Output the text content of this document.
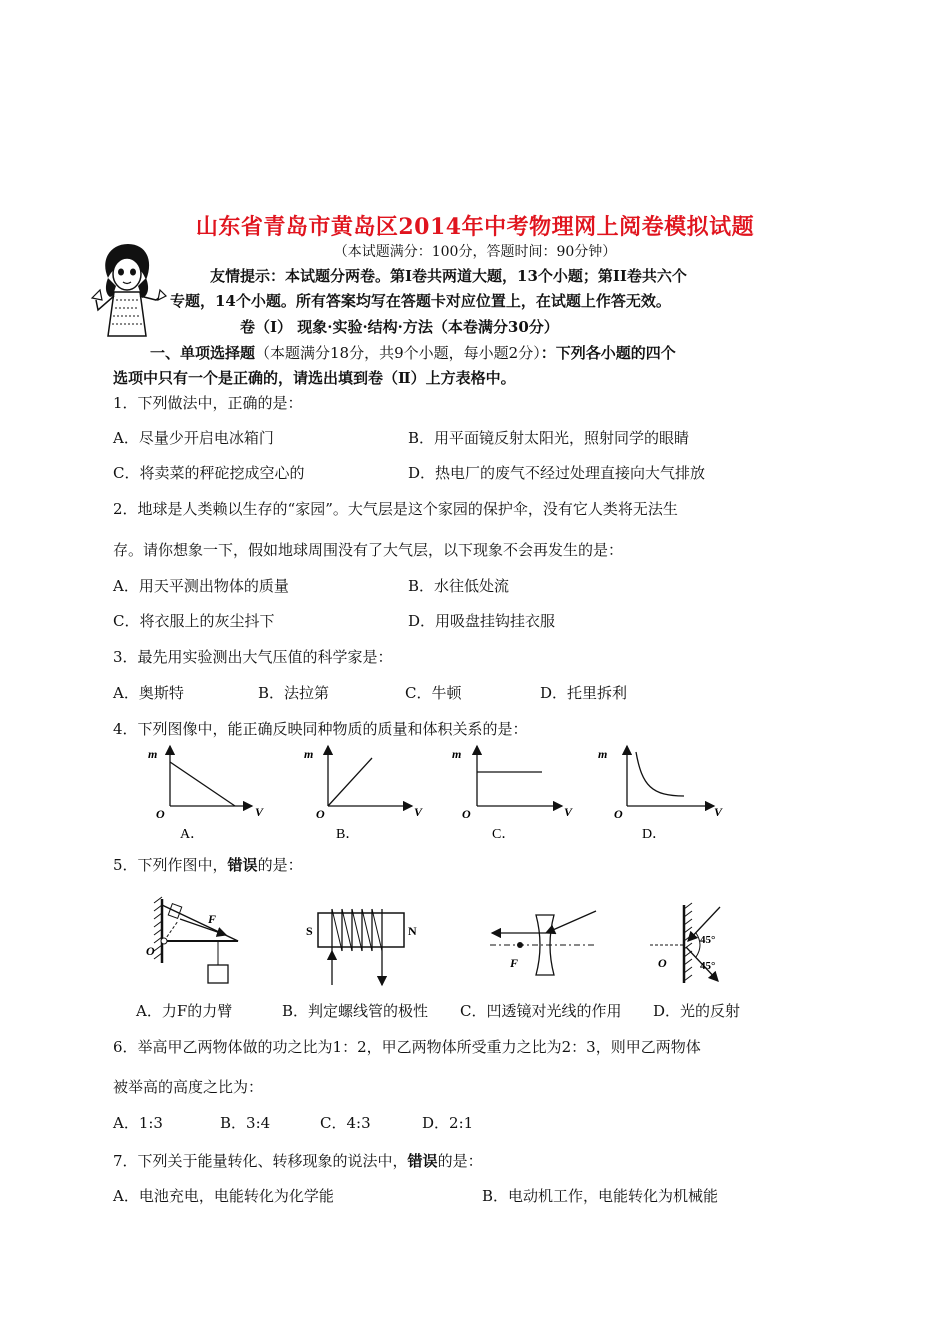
山东省青岛市黄岛区2014年中考物理网上阅卷模拟试题
（本试题满分：100分，答题时间：90分钟）
友情提示：本试题分两卷。第Ⅰ卷共两道大题，13个小题；第II卷共六个
专题，14个小题。所有答案均写在答题卡对应位置上，在试题上作答无效。
卷（Ⅰ） 现象·实验·结构·方法（本卷满分30分）
一、单项选择题（本题满分18分，共9个小题，每小题2分）：下列各小题的四个
选项中只有一个是正确的，请选出填到卷（Ⅱ）上方表格中。
1．下列做法中，正确的是：
A．尽量少开启电冰箱门	B．用平面镜反射太阳光，照射同学的眼睛
C．将卖菜的秤砣挖成空心的	D．热电厂的废气不经过处理直接向大气排放
2．地球是人类赖以生存的“家园”。大气层是这个家园的保护伞，没有它人类将无法生
存。请你想象一下，假如地球周围没有了大气层，以下现象不会再发生的是：
A．用天平测出物体的质量	B．水往低处流
C．将衣服上的灰尘抖下	D．用吸盘挂钩挂衣服
3．最先用实验测出大气压值的科学家是：
A．奥斯特	B．法拉第	C．牛顿	D．托里拆利
4．下列图像中，能正确反映同种物质的质量和体积关系的是：
m
O	V
A．
m
O	V
B．
m
O	V
C．
m
O	V
D．
5．下列作图中，错误的是：
F
O
S	N
F
45°
45°
O
A．力F的力臂	B．判定螺线管的极性 C．凹透镜对光线的作用 D．光的反射
6．举高甲乙两物体做的功之比为1：2，甲乙两物体所受重力之比为2：3，则甲乙两物体
被举高的高度之比为：
A．1:3	B．3:4	C．4:3	D．2:1
7．下列关于能量转化、转移现象的说法中，错误的是：
A．电池充电，电能转化为化学能	B．电动机工作，电能转化为机械能
